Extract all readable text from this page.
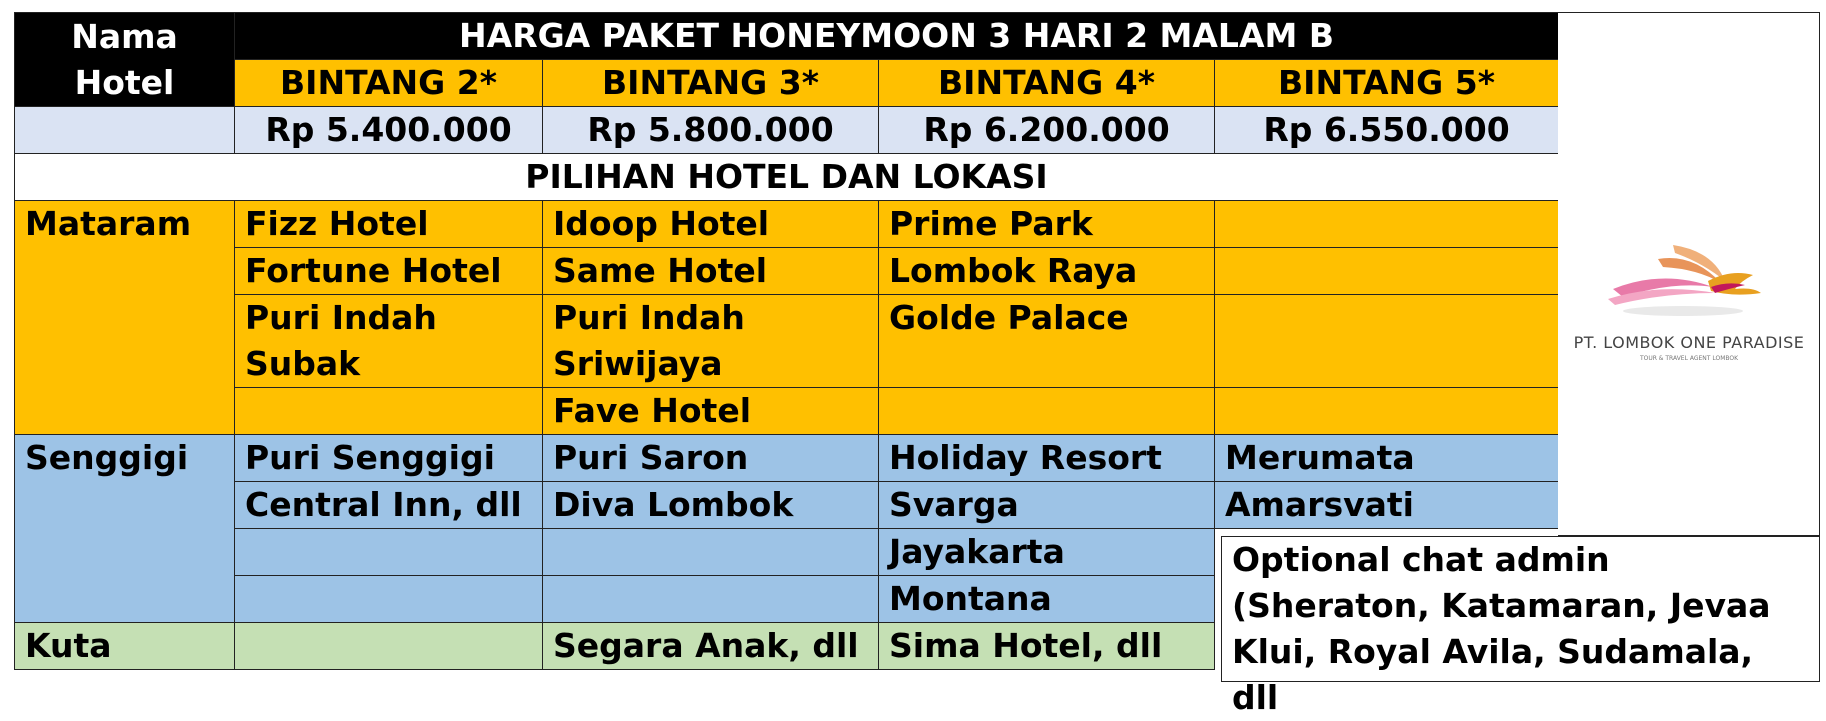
Nama Hotel	HARGA PAKET HONEYMOON 3 HARI 2 MALAM B			
	BINTANG 2*	BINTANG 3*	BINTANG 4*	BINTANG 5*
	Rp 5.400.000	Rp 5.800.000	Rp 6.200.000	Rp 6.550.000
PILIHAN HOTEL DAN LOKASI				
Mataram	Fizz Hotel	Idoop Hotel	Prime Park	
	Fortune Hotel	Same Hotel	Lombok Raya	
	Puri Indah Subak	Puri Indah Sriwijaya	Golde Palace	
		Fave Hotel		
Senggigi	Puri Senggigi	Puri Saron	Holiday Resort	Merumata
	Central Inn, dll	Diva Lombok	Svarga	Amarsvati
			Jayakarta	
			Montana	
Kuta		Segara Anak, dll	Sima Hotel, dll	
PT. LOMBOK ONE PARADISE
TOUR & TRAVEL AGENT LOMBOK
Optional chat admin (Sheraton, Katamaran, Jevaa Klui, Royal Avila, Sudamala, dll
